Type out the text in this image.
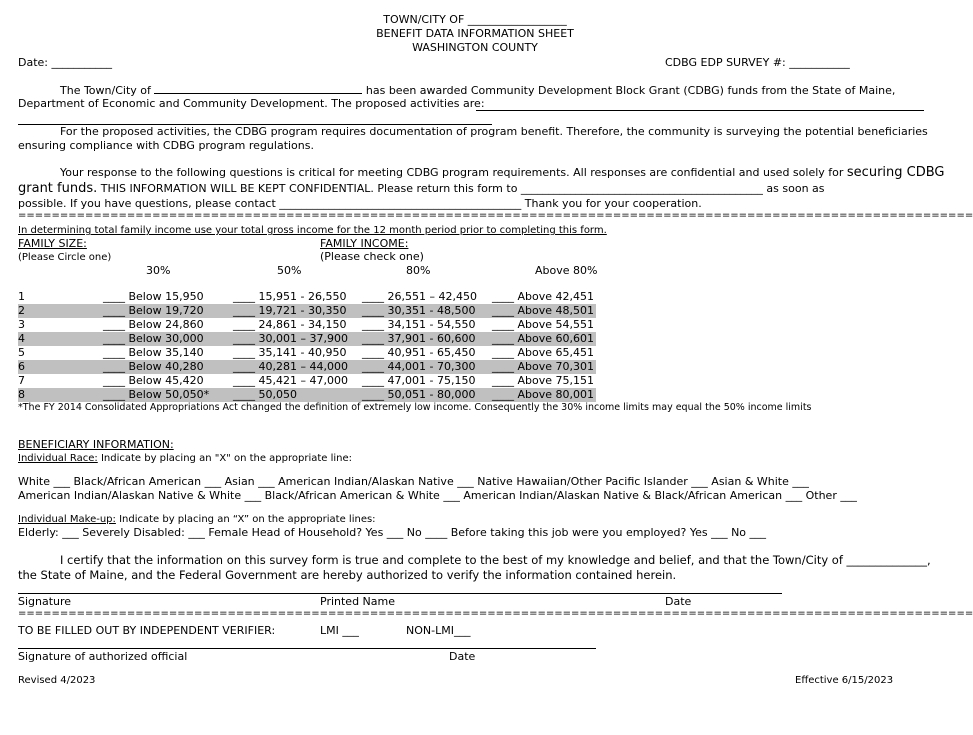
TOWN/CITY OF __________________
BENEFIT DATA INFORMATION SHEET
WASHINGTON COUNTY
Date: ___________	CDBG EDP SURVEY #: ___________
The Town/City of	has been awarded Community Development Block Grant (CDBG) funds from the State of Maine,
Department of Economic and Community Development. The proposed activities are:
For the proposed activities, the CDBG program requires documentation of program benefit. Therefore, the community is surveying the potential beneficiaries
ensuring compliance with CDBG program regulations.
Your response to the following questions is critical for meeting CDBG program requirements. All responses are confidential and used solely for securing CDBG
grant funds. THIS INFORMATION WILL BE KEPT CONFIDENTIAL. Please return this form to ____________________________________________ as soon as
possible. If you have questions, please contact ____________________________________________ Thank you for your cooperation.
==================================================================================================================
In determining total family income use your total gross income for the 12 month period prior to completing this form.
FAMILY SIZE:
(Please Circle one)
FAMILY INCOME:
(Please check one)
30%	50%	80%	Above 80%
1	____ Below 15,950	____ 15,951 - 26,550 ____ 26,551 – 42,450 ____ Above 42,451
2	____ Below 19,720	____ 19,721 - 30,350 ____ 30,351 - 48,500 ____ Above 48,501
3	____ Below 24,860	____ 24,861 - 34,150 ____ 34,151 - 54,550 ____ Above 54,551
4	____ Below 30,000	____ 30,001 – 37,900 ____ 37,901 - 60,600 ____ Above 60,601
5	____ Below 35,140	____ 35,141 - 40,950 ____ 40,951 - 65,450 ____ Above 65,451
6	____ Below 40,280	____ 40,281 – 44,000 ____ 44,001 - 70,300 ____ Above 70,301
7	____ Below 45,420	____ 45,421 – 47,000 ____ 47,001 - 75,150 ____ Above 75,151
8	____ Below 50,050* ____ 50,050	____ 50,051 - 80,000 ____ Above 80,001
*The FY 2014 Consolidated Appropriations Act changed the definition of extremely low income. Consequently the 30% income limits may equal the 50% income limits
BENEFICIARY INFORMATION:
Individual Race: Indicate by placing an "X" on the appropriate line:
White ___ Black/African American ___ Asian ___ American Indian/Alaskan Native ___ Native Hawaiian/Other Pacific Islander ___ Asian & White ___
American Indian/Alaskan Native & White ___ Black/African American & White ___ American Indian/Alaskan Native & Black/African American ___ Other ___
Individual Make-up: Indicate by placing an “X” on the appropriate lines:
Elderly: ___ Severely Disabled: ___ Female Head of Household? Yes ___ No ____ Before taking this job were you employed? Yes ___ No ___
I certify that the information on this survey form is true and complete to the best of my knowledge and belief, and that the Town/City of ______________,
the State of Maine, and the Federal Government are hereby authorized to verify the information contained herein.
Signature	Printed Name	Date
==================================================================================================================
TO BE FILLED OUT BY INDEPENDENT VERIFIER:	LMI ___	NON-LMI___
Signature of authorized official	Date
Revised 4/2023	Effective 6/15/2023
